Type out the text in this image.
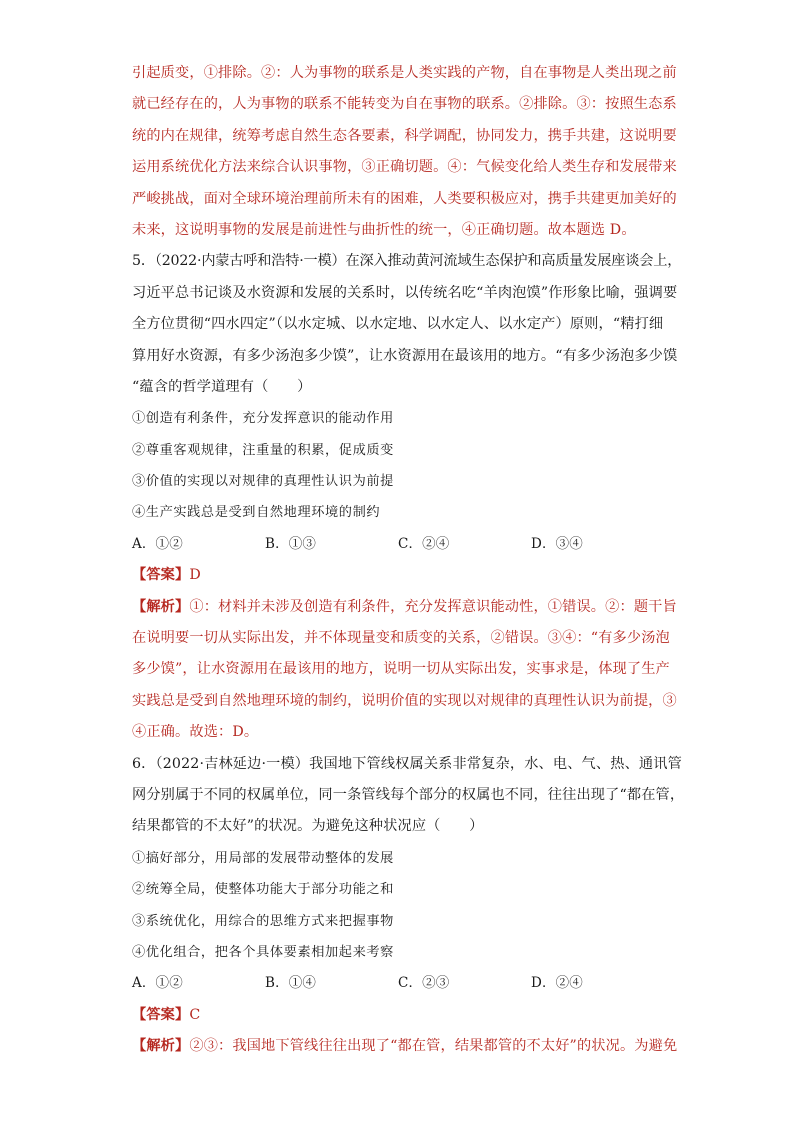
引起质变，①排除。②：人为事物的联系是人类实践的产物，自在事物是人类出现之前
就已经存在的，人为事物的联系不能转变为自在事物的联系。②排除。③：按照生态系
统的内在规律，统筹考虑自然生态各要素，科学调配，协同发力，携手共建，这说明要
运用系统优化方法来综合认识事物，③正确切题。④：气候变化给人类生存和发展带来
严峻挑战，面对全球环境治理前所未有的困难，人类要积极应对，携手共建更加美好的
未来，这说明事物的发展是前进性与曲折性的统一，④正确切题。故本题选 D。
5．（2022·内蒙古呼和浩特·一模）在深入推动黄河流域生态保护和高质量发展座谈会上，
习近平总书记谈及水资源和发展的关系时，以传统名吃“羊肉泡馍”作形象比喻，强调要
全方位贯彻“四水四定”（以水定城、以水定地、以水定人、以水定产）原则，“精打细
算用好水资源，有多少汤泡多少馍”，让水资源用在最该用的地方。“有多少汤泡多少馍
“蕴含的哲学道理有（　　）
①创造有利条件，充分发挥意识的能动作用
②尊重客观规律，注重量的积累，促成质变
③价值的实现以对规律的真理性认识为前提
④生产实践总是受到自然地理环境的制约
A．①②	B．①③	C．②④	D．③④
【答案】D
【解析】①：材料并未涉及创造有利条件，充分发挥意识能动性，①错误。②：题干旨
在说明要一切从实际出发，并不体现量变和质变的关系，②错误。③④：“有多少汤泡
多少馍”，让水资源用在最该用的地方，说明一切从实际出发，实事求是，体现了生产
实践总是受到自然地理环境的制约，说明价值的实现以对规律的真理性认识为前提，③
④正确。故选：D。
6．（2022·吉林延边·一模）我国地下管线权属关系非常复杂，水、电、气、热、通讯管
网分别属于不同的权属单位，同一条管线每个部分的权属也不同，往往出现了“都在管，
结果都管的不太好”的状况。为避免这种状况应（　　）
①搞好部分，用局部的发展带动整体的发展
②统筹全局，使整体功能大于部分功能之和
③系统优化，用综合的思维方式来把握事物
④优化组合，把各个具体要素相加起来考察
A．①②	B．①④	C．②③	D．②④
【答案】C
【解析】②③：我国地下管线往往出现了“都在管，结果都管的不太好”的状况。为避免
